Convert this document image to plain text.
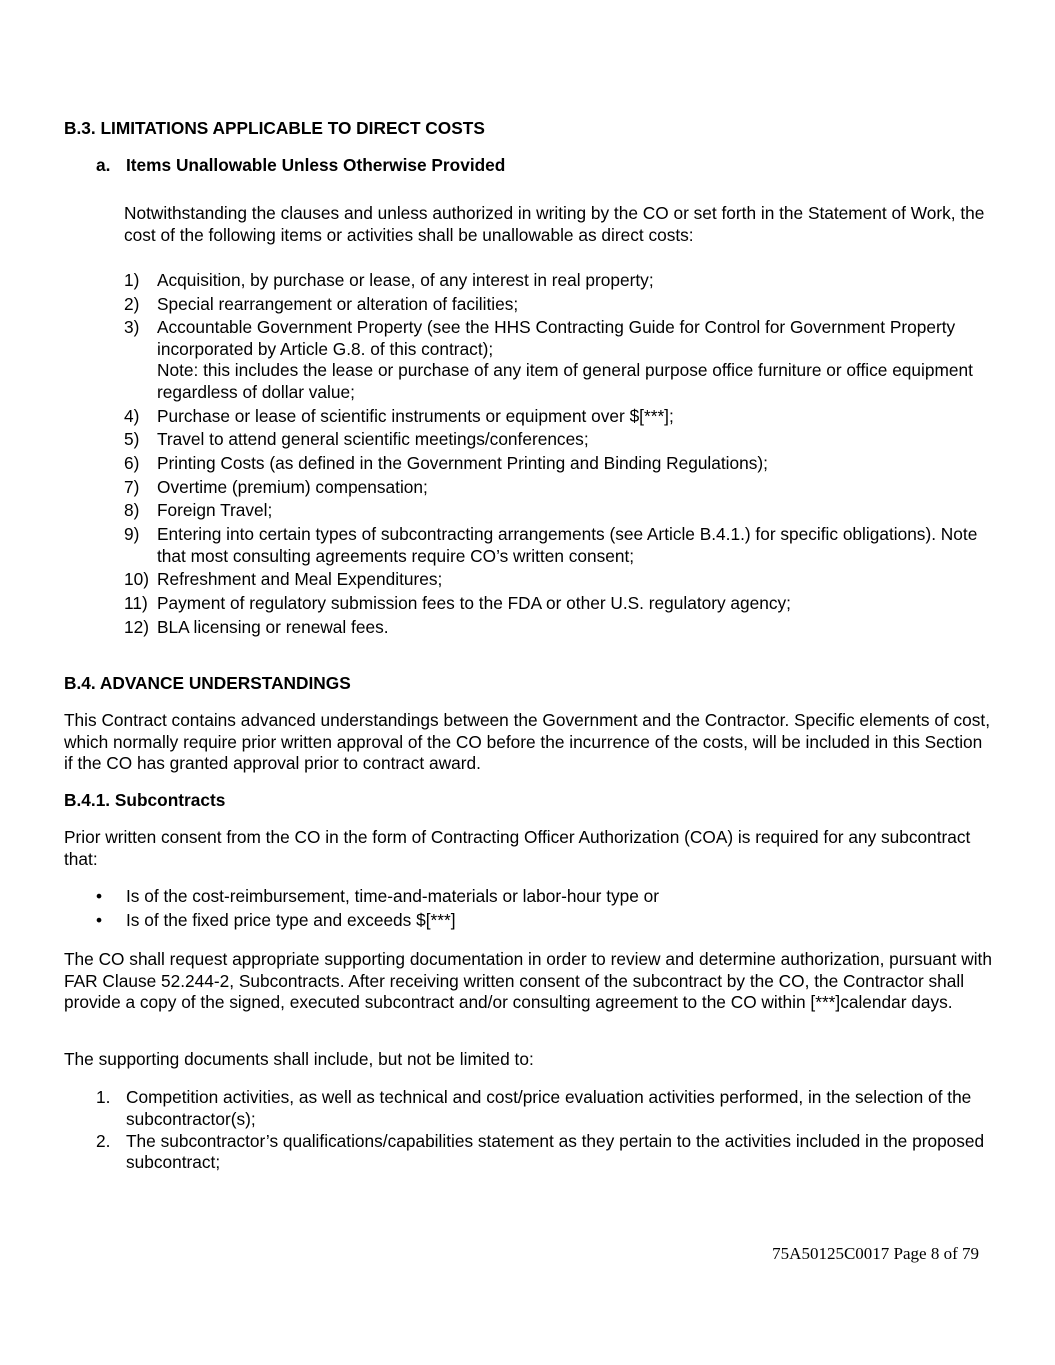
B.3. LIMITATIONS APPLICABLE TO DIRECT COSTS
a. Items Unallowable Unless Otherwise Provided

Notwithstanding the clauses and unless authorized in writing by the CO or set forth in the Statement of Work, the cost of the following items or activities shall be unallowable as direct costs:

1) Acquisition, by purchase or lease, of any interest in real property;
2) Special rearrangement or alteration of facilities;
3) Accountable Government Property (see the HHS Contracting Guide for Control for Government Property incorporated by Article G.8. of this contract);
Note: this includes the lease or purchase of any item of general purpose office furniture or office equipment regardless of dollar value;
4) Purchase or lease of scientific instruments or equipment over $[***];
5) Travel to attend general scientific meetings/conferences;
6) Printing Costs (as defined in the Government Printing and Binding Regulations);
7) Overtime (premium) compensation;
8) Foreign Travel;
9) Entering into certain types of subcontracting arrangements (see Article B.4.1.) for specific obligations). Note that most consulting agreements require CO’s written consent;
10) Refreshment and Meal Expenditures;
11) Payment of regulatory submission fees to the FDA or other U.S. regulatory agency;
12) BLA licensing or renewal fees.
B.4. ADVANCE UNDERSTANDINGS

This Contract contains advanced understandings between the Government and the Contractor. Specific elements of cost, which normally require prior written approval of the CO before the incurrence of the costs, will be included in this Section if the CO has granted approval prior to contract award.

B.4.1. Subcontracts

Prior written consent from the CO in the form of Contracting Officer Authorization (COA) is required for any subcontract that:

• Is of the cost-reimbursement, time-and-materials or labor-hour type or
• Is of the fixed price type and exceeds $[***]

The CO shall request appropriate supporting documentation in order to review and determine authorization, pursuant with FAR Clause 52.244-2, Subcontracts. After receiving written consent of the subcontract by the CO, the Contractor shall provide a copy of the signed, executed subcontract and/or consulting agreement to the CO within [***]calendar days.

The supporting documents shall include, but not be limited to:

1. Competition activities, as well as technical and cost/price evaluation activities performed, in the selection of the subcontractor(s);
2. The subcontractor’s qualifications/capabilities statement as they pertain to the activities included in the proposed subcontract;
75A50125C0017 Page 8 of 79
